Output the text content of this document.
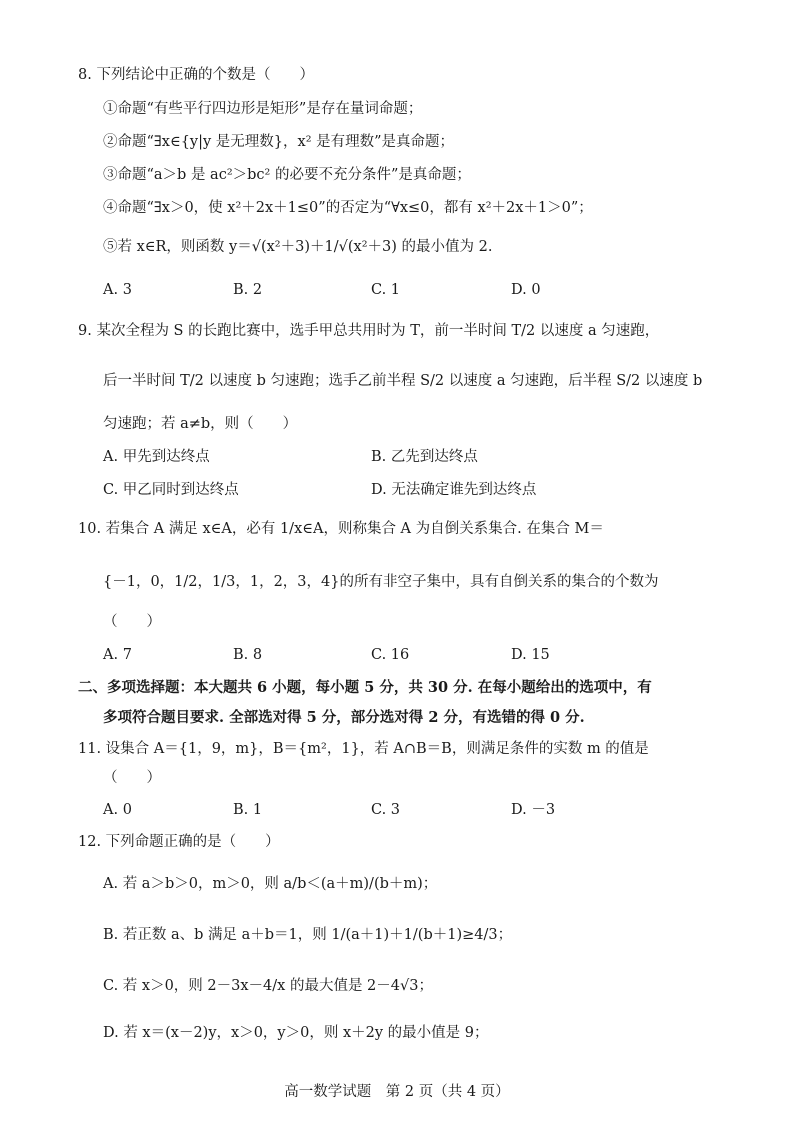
8. 下列结论中正确的个数是（　　）
①命题“有些平行四边形是矩形”是存在量词命题；
②命题“∃x∈{y|y 是无理数}，x² 是有理数”是真命题；
③命题“a＞b 是 ac²＞bc² 的必要不充分条件”是真命题；
④命题“∃x＞0，使 x²＋2x＋1≤0”的否定为“∀x≤0，都有 x²＋2x＋1＞0”；
⑤若 x∈R，则函数 y＝√(x²＋3)＋1/√(x²＋3) 的最小值为 2.
A. 3	B. 2	C. 1	D. 0
9. 某次全程为 S 的长跑比赛中，选手甲总共用时为 T，前一半时间 T/2 以速度 a 匀速跑，
后一半时间 T/2 以速度 b 匀速跑；选手乙前半程 S/2 以速度 a 匀速跑，后半程 S/2 以速度 b
匀速跑；若 a≠b，则（　　）
A. 甲先到达终点	B. 乙先到达终点
C. 甲乙同时到达终点	D. 无法确定谁先到达终点
10. 若集合 A 满足 x∈A，必有 1/x∈A，则称集合 A 为自倒关系集合. 在集合 M＝
{－1，0，1/2，1/3，1，2，3，4}的所有非空子集中，具有自倒关系的集合的个数为
（　　）
A. 7	B. 8	C. 16	D. 15
二、多项选择题：本大题共 6 小题，每小题 5 分，共 30 分. 在每小题给出的选项中，有
多项符合题目要求. 全部选对得 5 分，部分选对得 2 分，有选错的得 0 分.
11. 设集合 A＝{1，9，m}，B＝{m²，1}，若 A∩B＝B，则满足条件的实数 m 的值是
（　　）
A. 0	B. 1	C. 3	D. －3
12. 下列命题正确的是（　　）
A. 若 a＞b＞0，m＞0，则 a/b＜(a＋m)/(b＋m)；
B. 若正数 a、b 满足 a＋b＝1，则 1/(a＋1)＋1/(b＋1)≥4/3；
C. 若 x＞0，则 2－3x－4/x 的最大值是 2－4√3；
D. 若 x＝(x－2)y，x＞0，y＞0，则 x＋2y 的最小值是 9；
高一数学试题　第 2 页（共 4 页）
